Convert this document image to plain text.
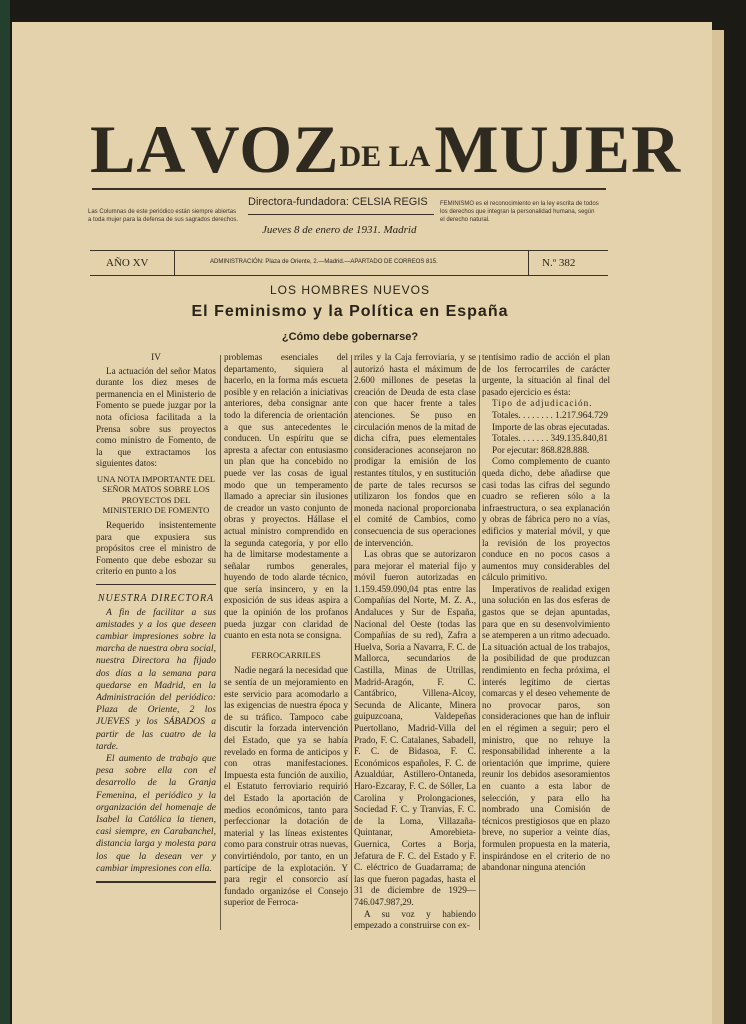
LA VOZDE LA MUJER
Las Columnas de este periódico están siempre abiertas a toda mujer para la defensa de sus sagrados derechos.
FEMINISMO es el reconocimiento en la ley escrita de todos los derechos que integran la personalidad humana, según el derecho natural.
Directora-fundadora: CELSIA REGIS
Jueves 8 de enero de 1931. Madrid
AÑO XV	ADMINISTRACIÓN: Plaza de Oriente, 2.—Madrid.—APARTADO DE CORREOS 815.	N.º 382
LOS HOMBRES NUEVOS
El Feminismo y la Política en España
¿Cómo debe gobernarse?

IV

La actuación del señor Matos durante los diez meses de permanencia en el Ministerio de Fomento se puede juzgar por la nota oficiosa facilitada a la Prensa sobre sus proyectos como ministro de Fomento, de la que extractamos los siguientes datos:

UNA NOTA IMPORTANTE DEL SEÑOR MATOS SOBRE LOS PROYECTOS DEL MINISTERIO DE FOMENTO

Requerido insistentemente para que expusiera sus propósitos cree el ministro de Fomento que debe esbozar su criterio en punto a los

NUESTRA DIRECTORA

A fin de facilitar a sus amistades y a los que deseen cambiar impresiones sobre la marcha de nuestra obra social, nuestra Directora ha fijado dos días a la semana para quedarse en Madrid, en la Administración del periódico: Plaza de Oriente, 2 los JUEVES y los SÁBADOS a partir de las cuatro de la tarde.

El aumento de trabajo que pesa sobre ella con el desarrollo de la Granja Femenina, el periódico y la organización del homenaje de Isabel la Católica la tienen, casi siempre, en Carabanchel, distancia larga y molesta para los que la desean ver y cambiar impresiones con ella.

problemas esenciales del departamento, siquiera al hacerlo, en la forma más escueta posible y en relación a iniciativas anteriores, deba consignar ante todo la diferencia de orientación a que sus antecedentes le conducen. Un espíritu que se apresta a afectar con entusiasmo un plan que ha concebido no puede ver las cosas de igual modo que un temperamento llamado a apreciar sin ilusiones de creador un vasto conjunto de obras y proyectos. Hállase el actual ministro comprendido en la segunda categoría, y por ello ha de limitarse modestamente a señalar rumbos generales, huyendo de todo alarde técnico, que sería insincero, y en la exposición de sus ideas aspira a que la opinión de los profanos pueda juzgar con claridad de cuanto en esta nota se consigna.

FERROCARRILES

Nadie negará la necesidad que se sentía de un mejoramiento en este servicio para acomodarlo a las exigencias de nuestra época y de su tráfico. Tampoco cabe discutir la forzada intervención del Estado, que ya se había revelado en forma de anticipos y con otras manifestaciones. Impuesta esta función de auxilio, el Estatuto ferroviario requirió del Estado la aportación de medios económicos, tanto para perfeccionar la dotación de material y las líneas existentes como para construir otras nuevas, convirtiéndolo, por tanto, en un partícipe de la explotación. Y para regir el consorcio así fundado organizóse el Consejo superior de Ferroca-

rriles y la Caja ferroviaria, y se autorizó hasta el máximum de 2.600 millones de pesetas la creación de Deuda de esta clase con que hacer frente a tales atenciones. Se puso en circulación menos de la mitad de dicha cifra, pues elementales consideraciones aconsejaron no prodigar la emisión de los restantes títulos, y en sustitución de parte de tales recursos se utilizaron los fondos que en moneda nacional proporcionaba el comité de Cambios, como consecuencia de sus operaciones de intervención.

Las obras que se autorizaron para mejorar el material fijo y móvil fueron autorizadas en 1.159.459.090,04 ptas entre las Compañías del Norte, M. Z. A., Andaluces y Sur de España, Nacional del Oeste (todas las Compañías de su red), Zafra a Huelva, Soria a Navarra, F. C. de Mallorca, secundarios de Castilla, Minas de Utrillas, Madrid-Aragón, F. C. Cantábrico, Villena-Alcoy, Secunda de Alicante, Minera guipuzcoana, Valdepeñas Puertollano, Madrid-Villa del Prado, F. C. Catalanes, Sabadell, F. C. de Bidasoa, F. C. Económicos españoles, F. C. de Azualdúar, Astillero-Ontaneda, Haro-Ezcaray, F. C. de Sóller, La Carolina y Prolongaciones, Sociedad F. C. y Tranvías, F. C. de la Loma, Villazaña-Quintanar, Amorebieta-Guernica, Cortes a Borja, Jefatura de F. C. del Estado y F. C. eléctrico de Guadarrama; de las que fueron pagadas, hasta el 31 de diciembre de 1929—746.047.987,29.

A su voz y habiendo empezado a construirse con ex-

tentísimo radio de acción el plan de los ferrocarriles de carácter urgente, la situación al final del pasado ejercicio es ésta:

Tipo de adjudicación.

Totales. . . . . . . . 1.217.964.729

Importe de las obras ejecutadas.

Totales. . . . . . . 349.135.840,81

Por ejecutar: 868.828.888.

Como complemento de cuanto queda dicho, debe añadirse que casi todas las cifras del segundo cuadro se refieren sólo a la infraestructura, o sea explanación y obras de fábrica pero no a vías, edificios y material móvil, y que la revisión de los proyectos conduce en no pocos casos a aumentos muy considerables del cálculo primitivo.

Imperativos de realidad exigen una solución en las dos esferas de gastos que se dejan apuntadas, para que en su desenvolvimiento se atemperen a un ritmo adecuado. La situación actual de los trabajos, la posibilidad de que produzcan rendimiento en fecha próxima, el interés legítimo de ciertas comarcas y el deseo vehemente de no provocar paros, son consideraciones que han de influir en el régimen a seguir; pero el ministro, que no rehuye la responsabilidad inherente a la orientación que imprime, quiere reunir los debidos asesoramientos en cuanto a esta labor de selección, y para ello ha nombrado una Comisión de técnicos prestigiosos que en plazo breve, no superior a veinte días, formulen propuesta en la materia, inspirándose en el criterio de no abandonar ninguna atención
